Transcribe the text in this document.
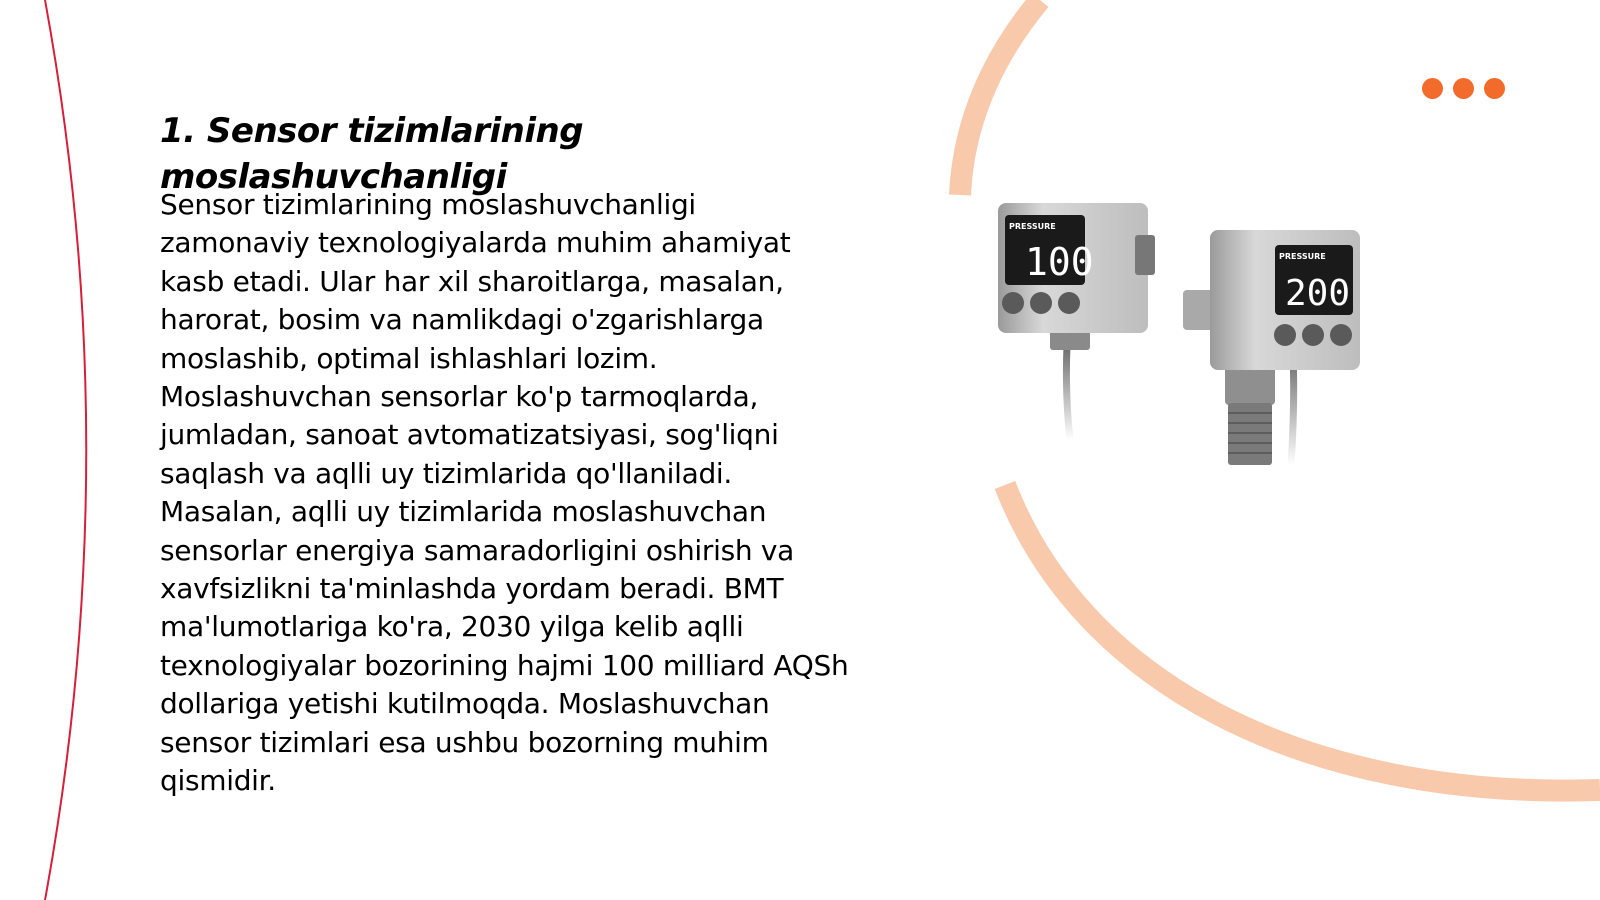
1. Sensor tizimlarining moslashuvchanligi

Sensor tizimlarining moslashuvchanligi zamonaviy texnologiyalarda muhim ahamiyat kasb etadi. Ular har xil sharoitlarga, masalan, harorat, bosim va namlikdagi o'zgarishlarga moslashib, optimal ishlashlari lozim. Moslashuvchan sensorlar ko'p tarmoqlarda, jumladan, sanoat avtomatizatsiyasi, sog'liqni saqlash va aqlli uy tizimlarida qo'llaniladi. Masalan, aqlli uy tizimlarida moslashuvchan sensorlar energiya samaradorligini oshirish va xavfsizlikni ta'minlashda yordam beradi. BMT ma'lumotlariga ko'ra, 2030 yilga kelib aqlli texnologiyalar bozorining hajmi 100 milliard AQSh dollariga yetishi kutilmoqda. Moslashuvchan sensor tizimlari esa ushbu bozorning muhim qismidir.

PRESSURE
100	PRESSURE
200
